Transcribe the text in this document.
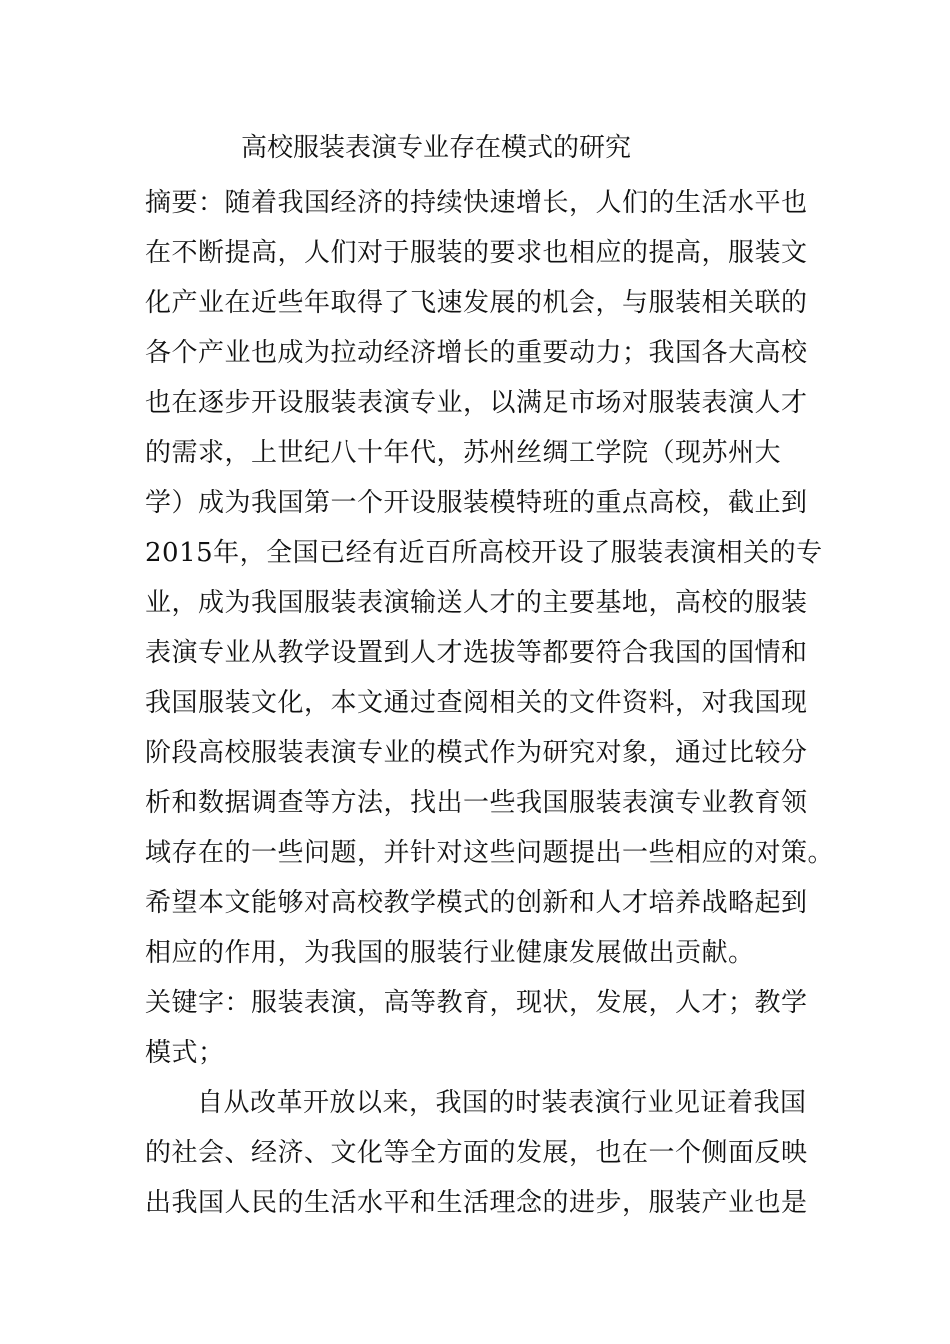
高校服装表演专业存在模式的研究
摘要：随着我国经济的持续快速增长，人们的生活水平也
在不断提高，人们对于服装的要求也相应的提高，服装文
化产业在近些年取得了飞速发展的机会，与服装相关联的
各个产业也成为拉动经济增长的重要动力；我国各大高校
也在逐步开设服装表演专业，以满足市场对服装表演人才
的需求，上世纪八十年代，苏州丝绸工学院（现苏州大
学）成为我国第一个开设服装模特班的重点高校，截止到
2015年，全国已经有近百所高校开设了服装表演相关的专
业，成为我国服装表演输送人才的主要基地，高校的服装
表演专业从教学设置到人才选拔等都要符合我国的国情和
我国服装文化，本文通过查阅相关的文件资料，对我国现
阶段高校服装表演专业的模式作为研究对象，通过比较分
析和数据调查等方法，找出一些我国服装表演专业教育领
域存在的一些问题，并针对这些问题提出一些相应的对策。
希望本文能够对高校教学模式的创新和人才培养战略起到
相应的作用，为我国的服装行业健康发展做出贡献。
关键字：服装表演，高等教育，现状，发展，人才；教学
模式；
自从改革开放以来，我国的时装表演行业见证着我国
的社会、经济、文化等全方面的发展，也在一个侧面反映
出我国人民的生活水平和生活理念的进步，服装产业也是
